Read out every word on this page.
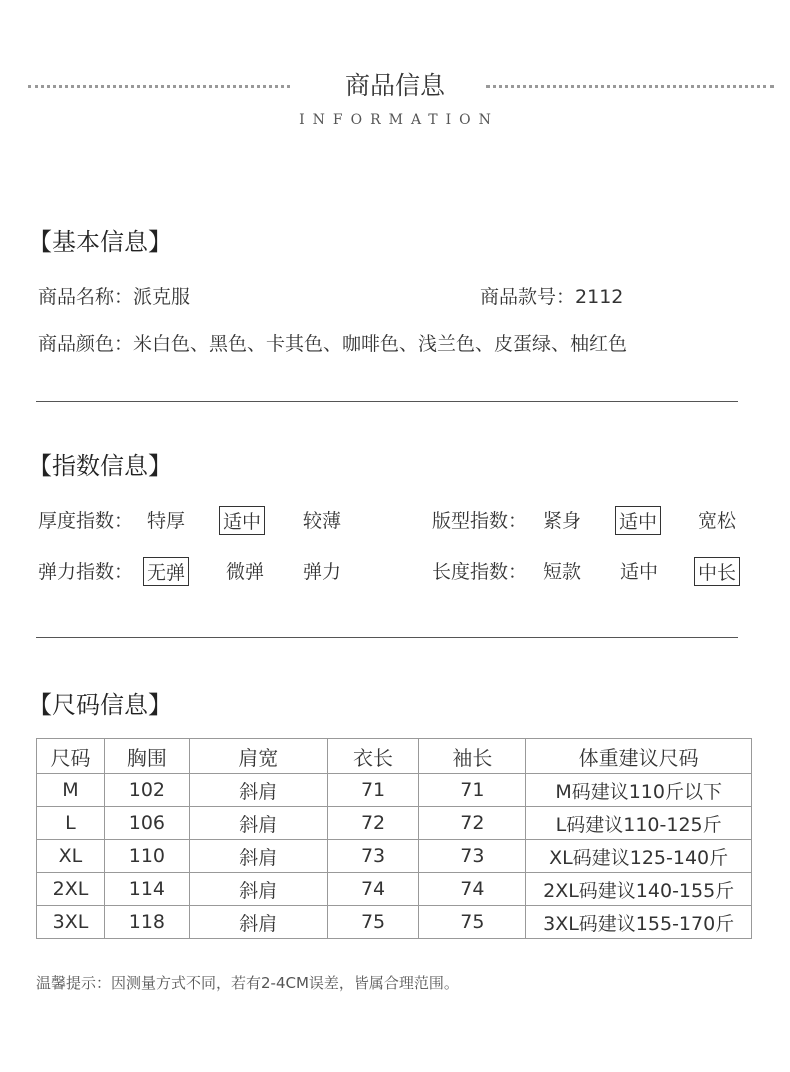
商品信息
INFORMATION
【基本信息】
商品名称：派克服	商品款号：2112
商品颜色：米白色、黑色、卡其色、咖啡色、浅兰色、皮蛋绿、柚红色
【指数信息】
厚度指数： 特厚 适中 较薄	版型指数： 紧身 适中 宽松
弹力指数： 无弹 微弹 弹力	长度指数： 短款 适中 中长
【尺码信息】
尺码	胸围	肩宽	衣长	袖长	体重建议尺码
M	102	斜肩	71	71	M码建议110斤以下
L	106	斜肩	72	72	L码建议110-125斤
XL	110	斜肩	73	73	XL码建议125-140斤
2XL	114	斜肩	74	74	2XL码建议140-155斤
3XL	118	斜肩	75	75	3XL码建议155-170斤
温馨提示：因测量方式不同，若有2-4CM误差，皆属合理范围。
